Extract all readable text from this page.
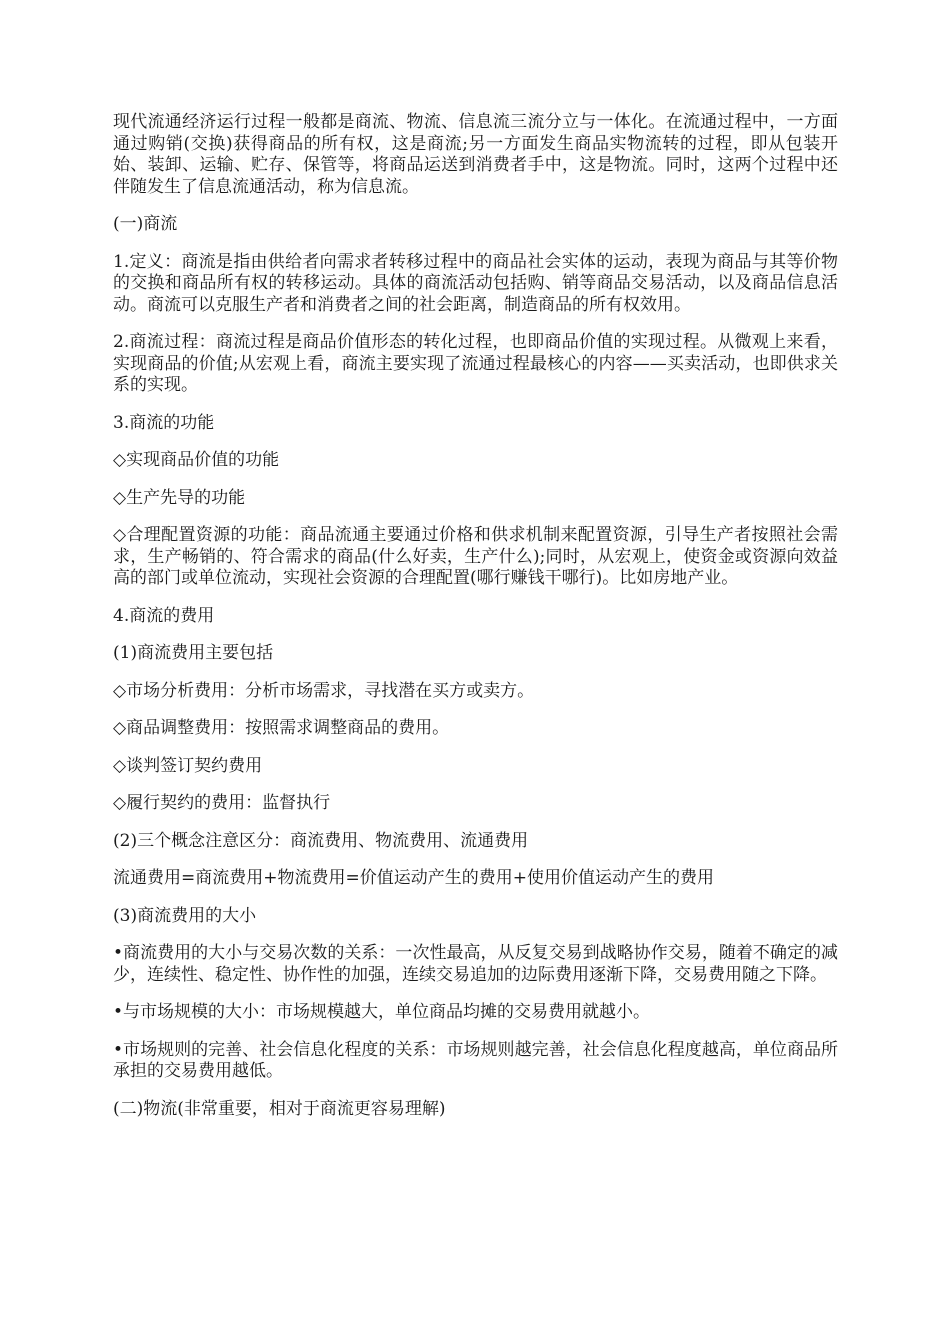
现代流通经济运行过程一般都是商流、物流、信息流三流分立与一体化。在流通过程中，一方面通过购销(交换)获得商品的所有权，这是商流;另一方面发生商品实物流转的过程，即从包装开始、装卸、运输、贮存、保管等，将商品运送到消费者手中，这是物流。同时，这两个过程中还伴随发生了信息流通活动，称为信息流。

(一)商流

1.定义：商流是指由供给者向需求者转移过程中的商品社会实体的运动，表现为商品与其等价物的交换和商品所有权的转移运动。具体的商流活动包括购、销等商品交易活动，以及商品信息活动。商流可以克服生产者和消费者之间的社会距离，制造商品的所有权效用。

2.商流过程：商流过程是商品价值形态的转化过程，也即商品价值的实现过程。从微观上来看，实现商品的价值;从宏观上看，商流主要实现了流通过程最核心的内容——买卖活动，也即供求关系的实现。

3.商流的功能

◇实现商品价值的功能

◇生产先导的功能

◇合理配置资源的功能：商品流通主要通过价格和供求机制来配置资源，引导生产者按照社会需求，生产畅销的、符合需求的商品(什么好卖，生产什么);同时，从宏观上，使资金或资源向效益高的部门或单位流动，实现社会资源的合理配置(哪行赚钱干哪行)。比如房地产业。

4.商流的费用

(1)商流费用主要包括

◇市场分析费用：分析市场需求，寻找潜在买方或卖方。

◇商品调整费用：按照需求调整商品的费用。

◇谈判签订契约费用

◇履行契约的费用：监督执行

(2)三个概念注意区分：商流费用、物流费用、流通费用

流通费用=商流费用+物流费用=价值运动产生的费用+使用价值运动产生的费用

(3)商流费用的大小

•商流费用的大小与交易次数的关系：一次性最高，从反复交易到战略协作交易，随着不确定的减少，连续性、稳定性、协作性的加强，连续交易追加的边际费用逐渐下降，交易费用随之下降。

•与市场规模的大小：市场规模越大，单位商品均摊的交易费用就越小。

•市场规则的完善、社会信息化程度的关系：市场规则越完善，社会信息化程度越高，单位商品所承担的交易费用越低。

(二)物流(非常重要，相对于商流更容易理解)
